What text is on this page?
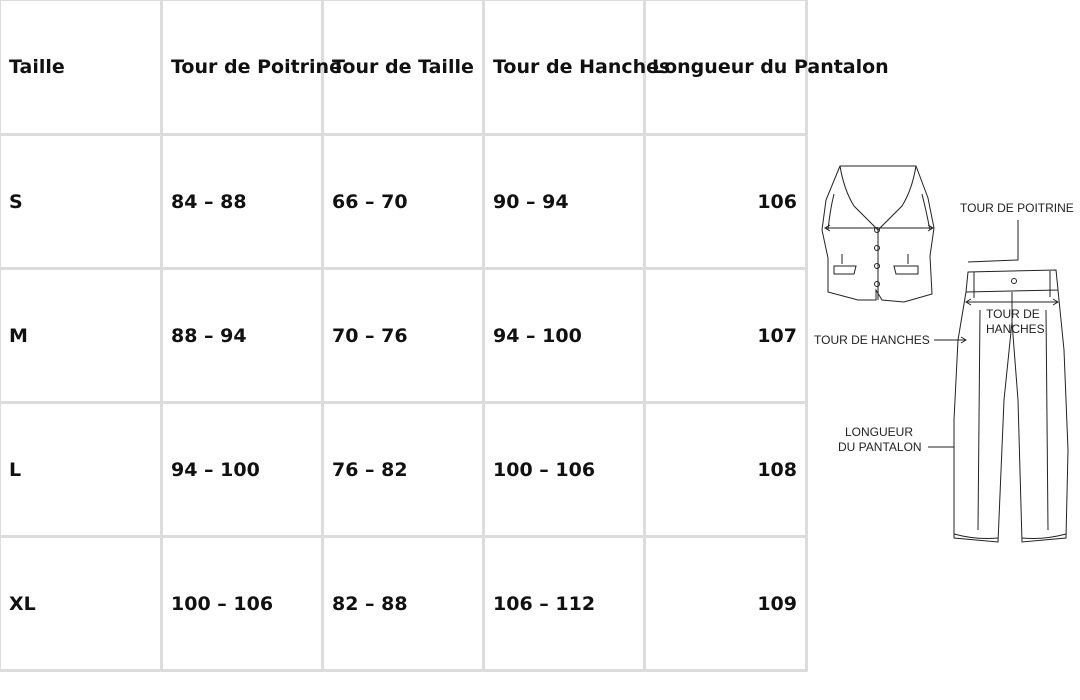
Taille	Tour de Poitrine	Tour de Taille	Tour de Hanches	Longueur du Pantalon
S	84 – 88	66 – 70	90 – 94	106
M	88 – 94	70 – 76	94 – 100	107
L	94 – 100	76 – 82	100 – 106	108
XL	100 – 106	82 – 88	106 – 112	109
TOUR DE POITRINE
TOUR DE
HANCHES
TOUR DE HANCHES
LONGUEUR
DU PANTALON
